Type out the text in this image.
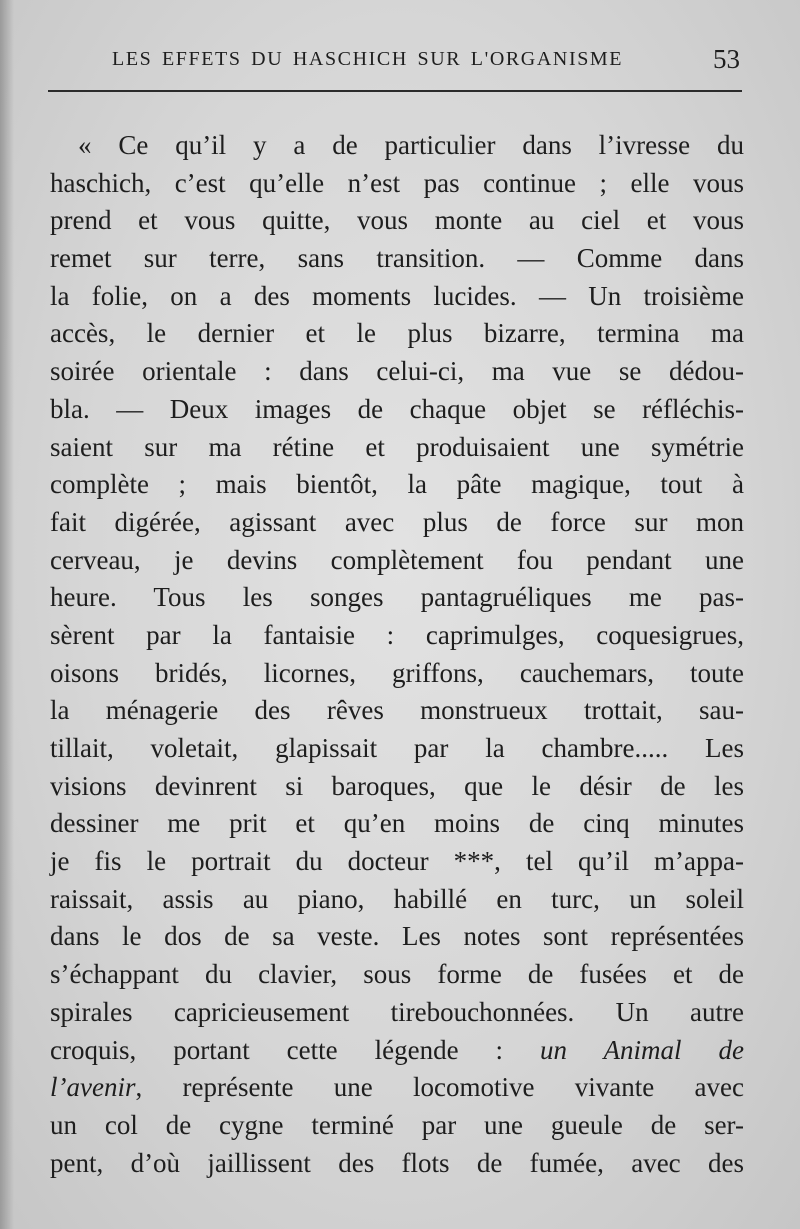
LES EFFETS DU HASCHICH SUR L'ORGANISME	53
« Ce qu’il y a de particulier dans l’ivresse du
haschich, c’est qu’elle n’est pas continue ; elle vous
prend et vous quitte, vous monte au ciel et vous
remet sur terre, sans transition. — Comme dans
la folie, on a des moments lucides. — Un troisième
accès, le dernier et le plus bizarre, termina ma
soirée orientale : dans celui-ci, ma vue se dédou-
bla. — Deux images de chaque objet se réfléchis-
saient sur ma rétine et produisaient une symétrie
complète ; mais bientôt, la pâte magique, tout à
fait digérée, agissant avec plus de force sur mon
cerveau, je devins complètement fou pendant une
heure. Tous les songes pantagruéliques me pas-
sèrent par la fantaisie : caprimulges, coquesigrues,
oisons bridés, licornes, griffons, cauchemars, toute
la ménagerie des rêves monstrueux trottait, sau-
tillait, voletait, glapissait par la chambre..... Les
visions devinrent si baroques, que le désir de les
dessiner me prit et qu’en moins de cinq minutes
je fis le portrait du docteur ***, tel qu’il m’appa-
raissait, assis au piano, habillé en turc, un soleil
dans le dos de sa veste. Les notes sont représentées
s’échappant du clavier, sous forme de fusées et de
spirales capricieusement tirebouchonnées. Un autre
croquis, portant cette légende : un Animal de
l’avenir, représente une locomotive vivante avec
un col de cygne terminé par une gueule de ser-
pent, d’où jaillissent des flots de fumée, avec des
